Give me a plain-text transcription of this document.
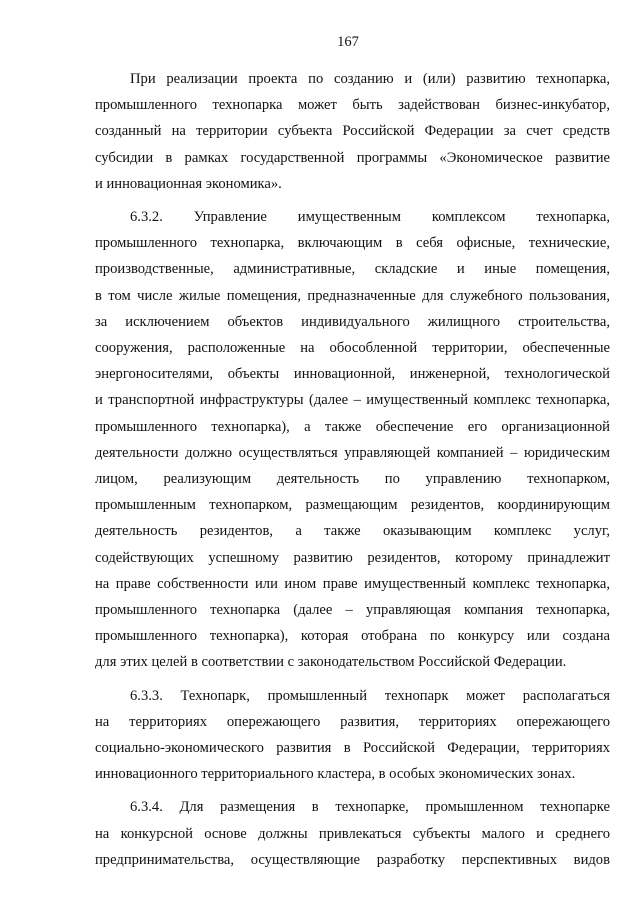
167

При реализации проекта по созданию и (или) развитию технопарка,
промышленного технопарка может быть задействован бизнес-инкубатор,
созданный на территории субъекта Российской Федерации за счет средств
субсидии в рамках государственной программы «Экономическое развитие
и инновационная экономика».

6.3.2. Управление имущественным комплексом технопарка,
промышленного технопарка, включающим в себя офисные, технические,
производственные, административные, складские и иные помещения,
в том числе жилые помещения, предназначенные для служебного пользования,
за исключением объектов индивидуального жилищного строительства,
сооружения, расположенные на обособленной территории, обеспеченные
энергоносителями, объекты инновационной, инженерной, технологической
и транспортной инфраструктуры (далее – имущественный комплекс технопарка,
промышленного технопарка), а также обеспечение его организационной
деятельности должно осуществляться управляющей компанией – юридическим
лицом, реализующим деятельность по управлению технопарком,
промышленным технопарком, размещающим резидентов, координирующим
деятельность резидентов, а также оказывающим комплекс услуг,
содействующих успешному развитию резидентов, которому принадлежит
на праве собственности или ином праве имущественный комплекс технопарка,
промышленного технопарка (далее – управляющая компания технопарка,
промышленного технопарка), которая отобрана по конкурсу или создана
для этих целей в соответствии с законодательством Российской Федерации.

6.3.3. Технопарк, промышленный технопарк может располагаться
на территориях опережающего развития, территориях опережающего
социально-экономического развития в Российской Федерации, территориях
инновационного территориального кластера, в особых экономических зонах.

6.3.4. Для размещения в технопарке, промышленном технопарке
на конкурсной основе должны привлекаться субъекты малого и среднего
предпринимательства, осуществляющие разработку перспективных видов
